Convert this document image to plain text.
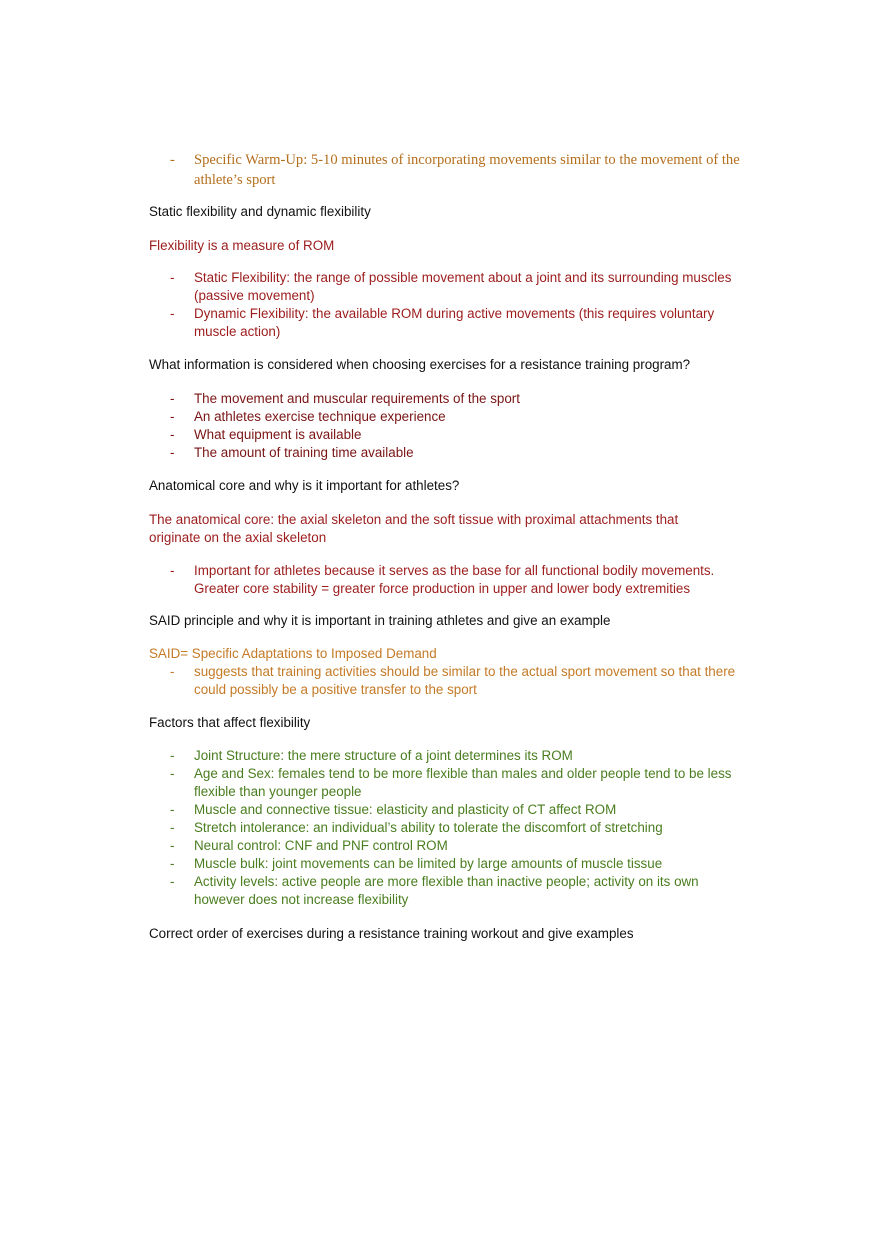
- Specific Warm-Up: 5-10 minutes of incorporating movements similar to the movement of the athlete’s sport

Static flexibility and dynamic flexibility

Flexibility is a measure of ROM

- Static Flexibility: the range of possible movement about a joint and its surrounding muscles (passive movement)
- Dynamic Flexibility: the available ROM during active movements (this requires voluntary muscle action)

What information is considered when choosing exercises for a resistance training program?

- The movement and muscular requirements of the sport
- An athletes exercise technique experience
- What equipment is available
- The amount of training time available

Anatomical core and why is it important for athletes?

The anatomical core: the axial skeleton and the soft tissue with proximal attachments that originate on the axial skeleton

- Important for athletes because it serves as the base for all functional bodily movements. Greater core stability = greater force production in upper and lower body extremities

SAID principle and why it is important in training athletes and give an example

SAID= Specific Adaptations to Imposed Demand

- suggests that training activities should be similar to the actual sport movement so that there could possibly be a positive transfer to the sport

Factors that affect flexibility

- Joint Structure: the mere structure of a joint determines its ROM
- Age and Sex: females tend to be more flexible than males and older people tend to be less flexible than younger people
- Muscle and connective tissue: elasticity and plasticity of CT affect ROM
- Stretch intolerance: an individual’s ability to tolerate the discomfort of stretching
- Neural control: CNF and PNF control ROM
- Muscle bulk: joint movements can be limited by large amounts of muscle tissue
- Activity levels: active people are more flexible than inactive people; activity on its own however does not increase flexibility

Correct order of exercises during a resistance training workout and give examples
